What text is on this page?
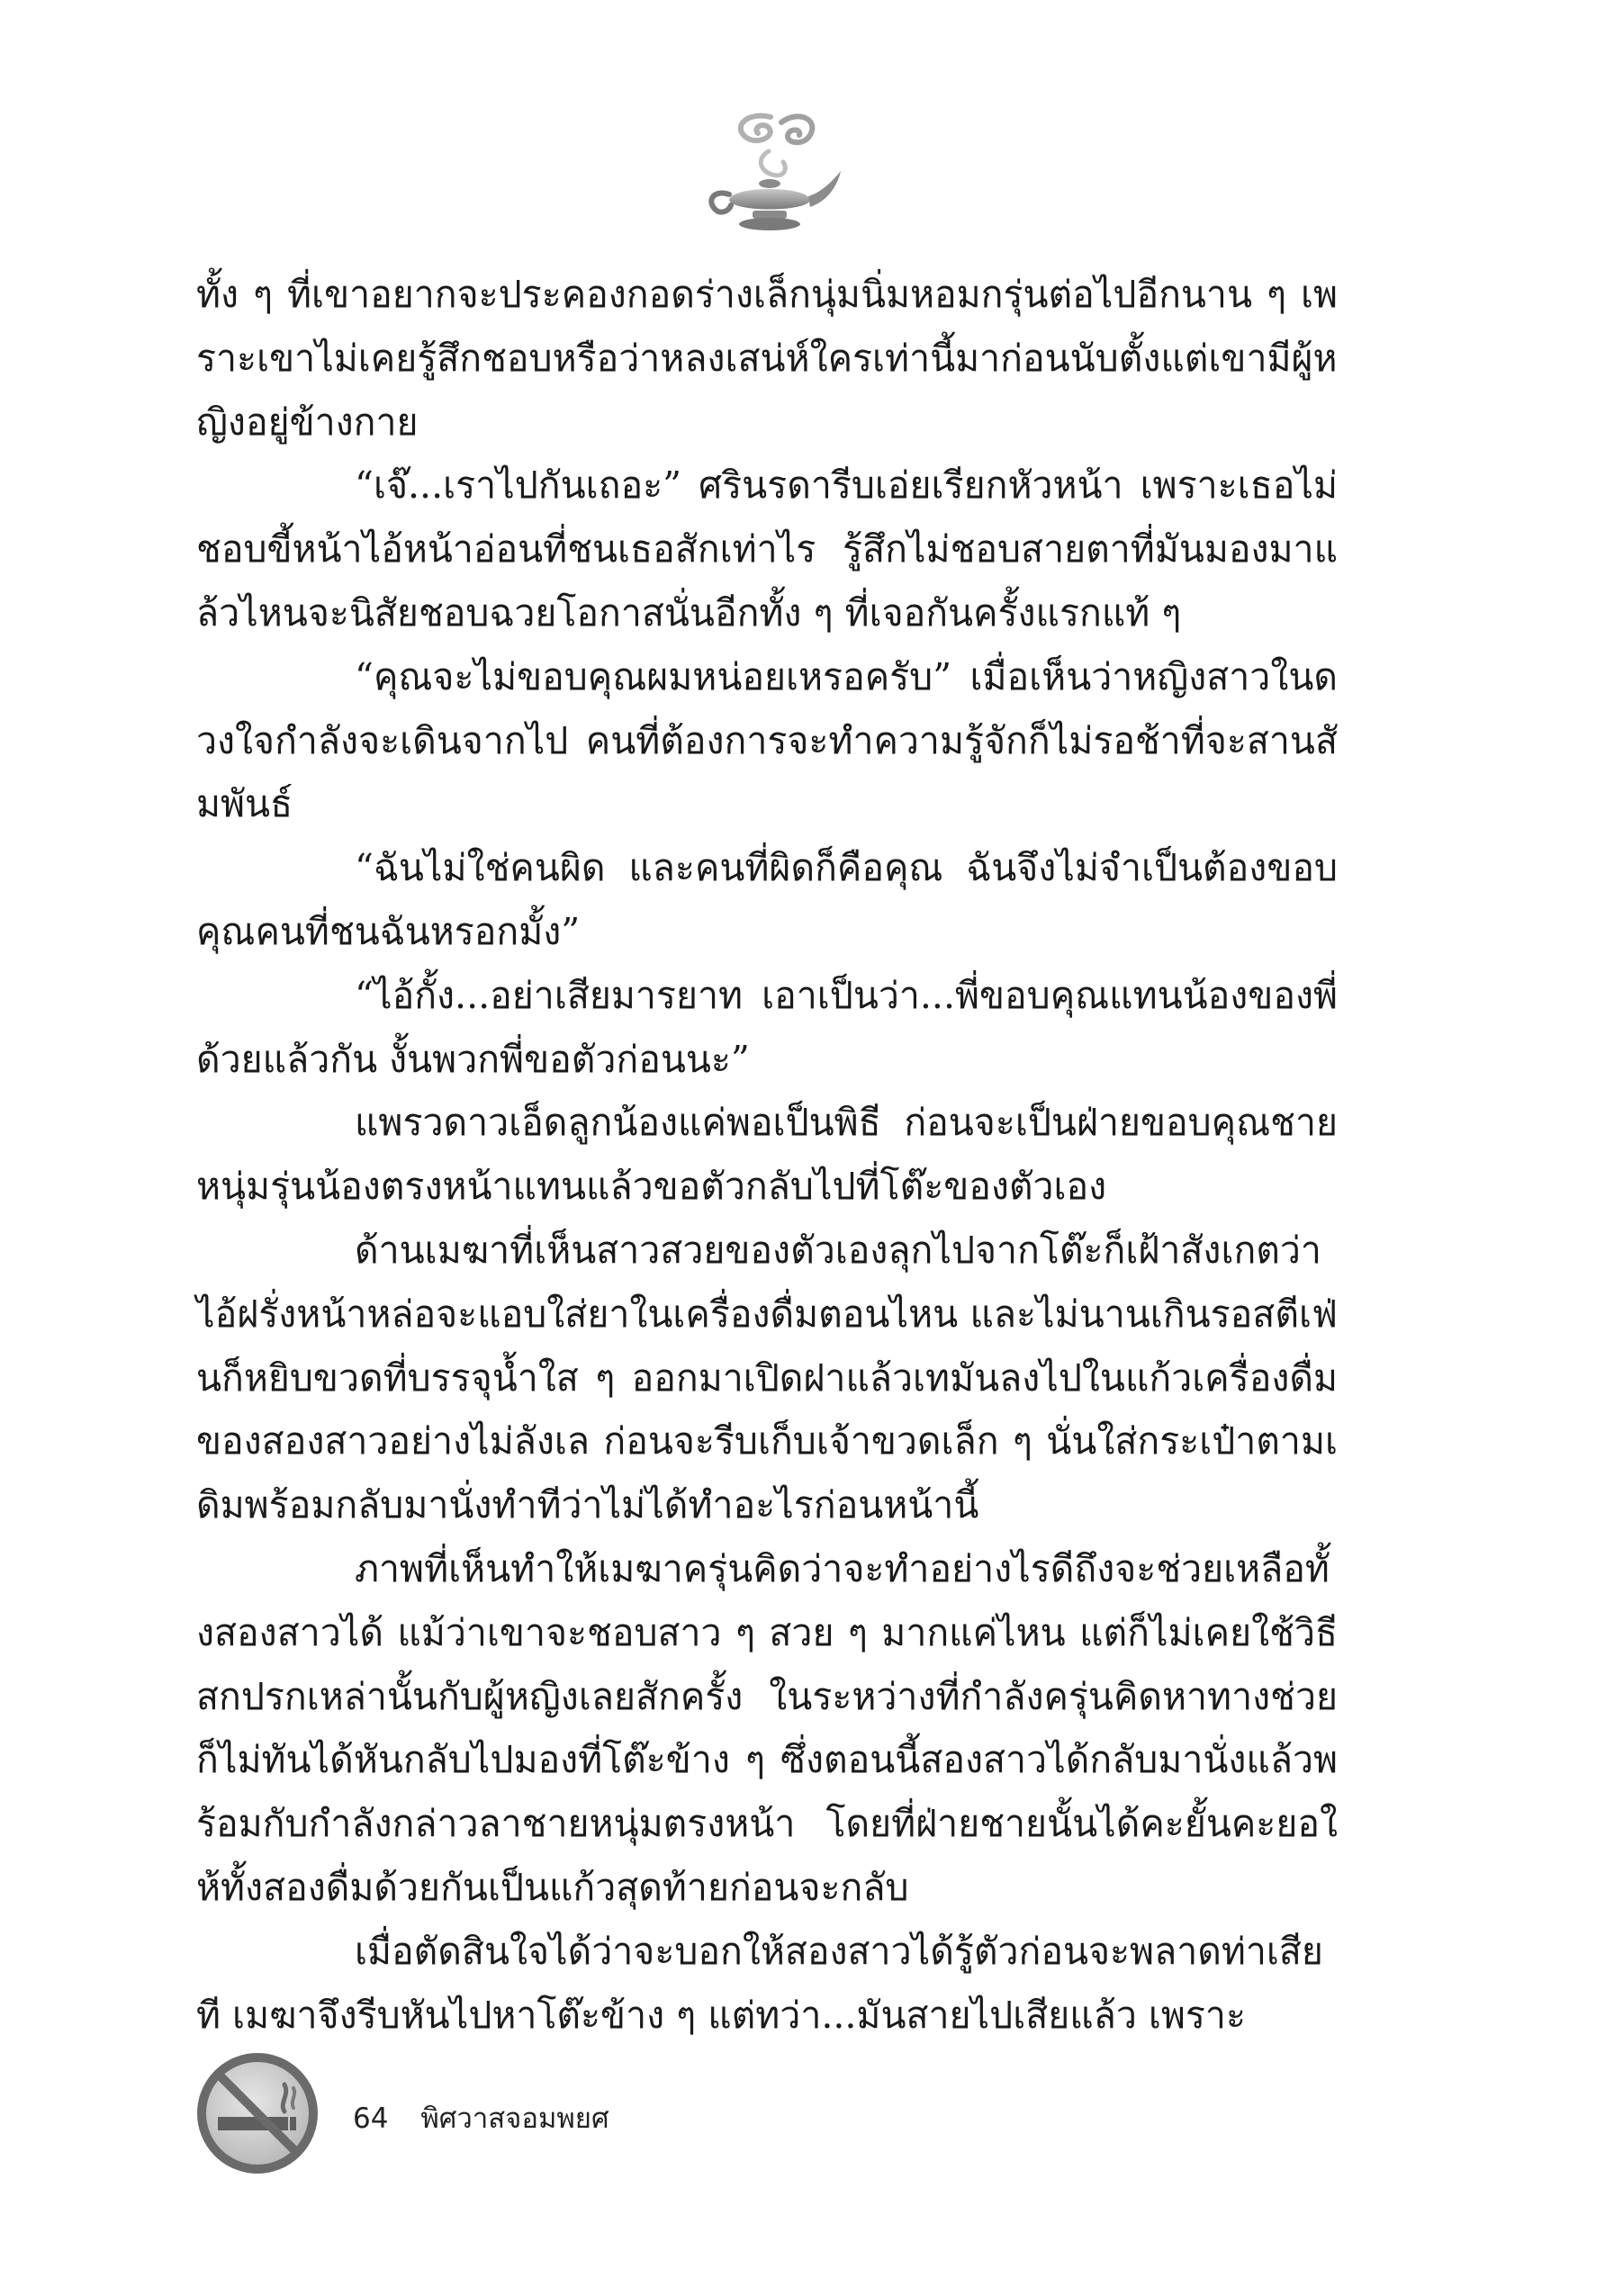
ทั้ง ๆ ที่เขาอยากจะประคองกอดร่างเล็กนุ่มนิ่มหอมกรุ่นต่อไปอีกนาน ๆ เพราะเขาไม่เคยรู้สึกชอบหรือว่าหลงเสน่ห์ใครเท่านี้มาก่อนนับตั้งแต่เขามีผู้หญิงอยู่ข้างกาย

“เจ๊...เราไปกันเถอะ” ศรินรดารีบเอ่ยเรียกหัวหน้า เพราะเธอไม่ชอบขี้หน้าไอ้หน้าอ่อนที่ชนเธอสักเท่าไร รู้สึกไม่ชอบสายตาที่มันมองมาแล้วไหนจะนิสัยชอบฉวยโอกาสนั่นอีกทั้ง ๆ ที่เจอกันครั้งแรกแท้ ๆ

“คุณจะไม่ขอบคุณผมหน่อยเหรอครับ” เมื่อเห็นว่าหญิงสาวในดวงใจกำลังจะเดินจากไป คนที่ต้องการจะทำความรู้จักก็ไม่รอช้าที่จะสานสัมพันธ์

“ฉันไม่ใช่คนผิด และคนที่ผิดก็คือคุณ ฉันจึงไม่จำเป็นต้องขอบคุณคนที่ชนฉันหรอกมั้ง”

“ไอ้กั้ง...อย่าเสียมารยาท เอาเป็นว่า...พี่ขอบคุณแทนน้องของพี่ด้วยแล้วกัน งั้นพวกพี่ขอตัวก่อนนะ”

แพรวดาวเอ็ดลูกน้องแค่พอเป็นพิธี ก่อนจะเป็นฝ่ายขอบคุณชายหนุ่มรุ่นน้องตรงหน้าแทนแล้วขอตัวกลับไปที่โต๊ะของตัวเอง

ด้านเมฆาที่เห็นสาวสวยของตัวเองลุกไปจากโต๊ะก็เฝ้าสังเกตว่าไอ้ฝรั่งหน้าหล่อจะแอบใส่ยาในเครื่องดื่มตอนไหน และไม่นานเกินรอสตีเฟ่นก็หยิบขวดที่บรรจุน้ำใส ๆ ออกมาเปิดฝาแล้วเทมันลงไปในแก้วเครื่องดื่มของสองสาวอย่างไม่ลังเล ก่อนจะรีบเก็บเจ้าขวดเล็ก ๆ นั่นใส่กระเป๋าตามเดิมพร้อมกลับมานั่งทำทีว่าไม่ได้ทำอะไรก่อนหน้านี้

ภาพที่เห็นทำให้เมฆาครุ่นคิดว่าจะทำอย่างไรดีถึงจะช่วยเหลือทั้งสองสาวได้ แม้ว่าเขาจะชอบสาว ๆ สวย ๆ มากแค่ไหน แต่ก็ไม่เคยใช้วิธีสกปรกเหล่านั้นกับผู้หญิงเลยสักครั้ง ในระหว่างที่กำลังครุ่นคิดหาทางช่วยก็ไม่ทันได้หันกลับไปมองที่โต๊ะข้าง ๆ ซึ่งตอนนี้สองสาวได้กลับมานั่งแล้วพร้อมกับกำลังกล่าวลาชายหนุ่มตรงหน้า โดยที่ฝ่ายชายนั้นได้คะยั้นคะยอให้ทั้งสองดื่มด้วยกันเป็นแก้วสุดท้ายก่อนจะกลับ

เมื่อตัดสินใจได้ว่าจะบอกให้สองสาวได้รู้ตัวก่อนจะพลาดท่าเสียที เมฆาจึงรีบหันไปหาโต๊ะข้าง ๆ แต่ทว่า...มันสายไปเสียแล้ว เพราะ

64 พิศวาสจอมพยศ
